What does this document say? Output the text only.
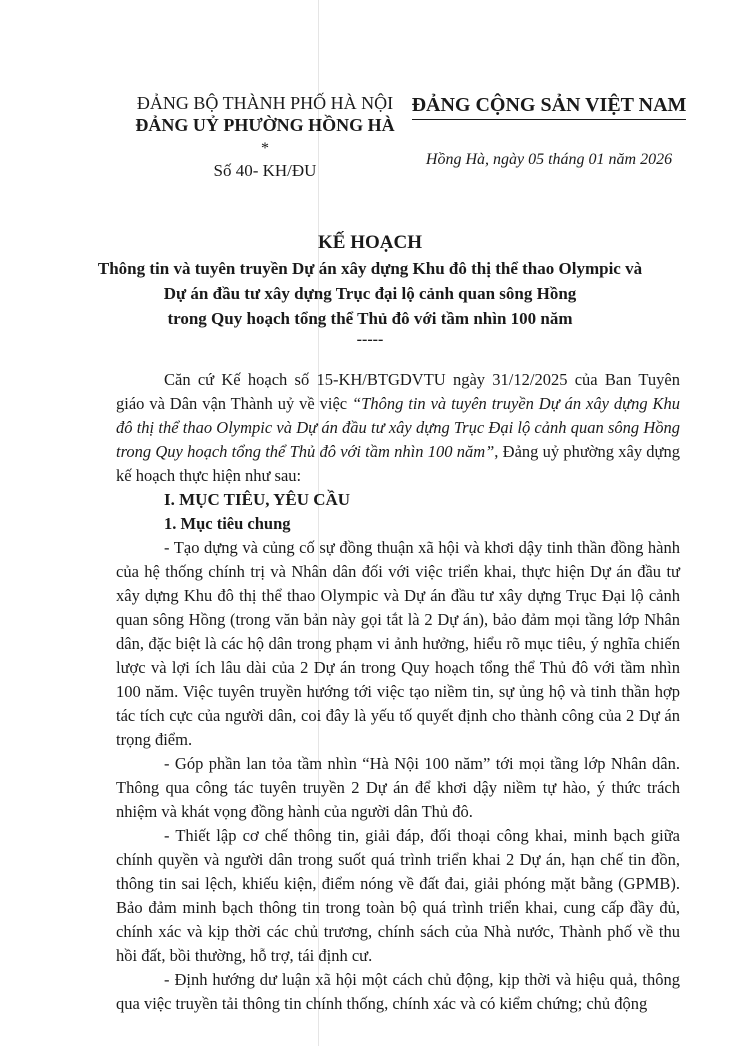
ĐẢNG BỘ THÀNH PHỐ HÀ NỘI
ĐẢNG UỶ PHƯỜNG HỒNG HÀ
*
Số 40- KH/ĐU
ĐẢNG CỘNG SẢN VIỆT NAM
Hồng Hà, ngày 05 tháng 01 năm 2026
KẾ HOẠCH
Thông tin và tuyên truyền Dự án xây dựng Khu đô thị thể thao Olympic và
Dự án đầu tư xây dựng Trục đại lộ cảnh quan sông Hồng
trong Quy hoạch tổng thể Thủ đô với tầm nhìn 100 năm
-----

Căn cứ Kế hoạch số 15-KH/BTGDVTU ngày 31/12/2025 của Ban Tuyên giáo và Dân vận Thành uỷ về việc “Thông tin và tuyên truyền Dự án xây dựng Khu đô thị thể thao Olympic và Dự án đầu tư xây dựng Trục Đại lộ cảnh quan sông Hồng trong Quy hoạch tổng thể Thủ đô với tầm nhìn 100 năm”, Đảng uỷ phường xây dựng kế hoạch thực hiện như sau:

I. MỤC TIÊU, YÊU CẦU
1. Mục tiêu chung

- Tạo dựng và củng cố sự đồng thuận xã hội và khơi dậy tinh thần đồng hành của hệ thống chính trị và Nhân dân đối với việc triển khai, thực hiện Dự án đầu tư xây dựng Khu đô thị thể thao Olympic và Dự án đầu tư xây dựng Trục Đại lộ cảnh quan sông Hồng (trong văn bản này gọi tắt là 2 Dự án), bảo đảm mọi tầng lớp Nhân dân, đặc biệt là các hộ dân trong phạm vi ảnh hưởng, hiểu rõ mục tiêu, ý nghĩa chiến lược và lợi ích lâu dài của 2 Dự án trong Quy hoạch tổng thể Thủ đô với tầm nhìn 100 năm. Việc tuyên truyền hướng tới việc tạo niềm tin, sự ủng hộ và tinh thần hợp tác tích cực của người dân, coi đây là yếu tố quyết định cho thành công của 2 Dự án trọng điểm.

- Góp phần lan tỏa tầm nhìn “Hà Nội 100 năm” tới mọi tầng lớp Nhân dân. Thông qua công tác tuyên truyền 2 Dự án để khơi dậy niềm tự hào, ý thức trách nhiệm và khát vọng đồng hành của người dân Thủ đô.

- Thiết lập cơ chế thông tin, giải đáp, đối thoại công khai, minh bạch giữa chính quyền và người dân trong suốt quá trình triển khai 2 Dự án, hạn chế tin đồn, thông tin sai lệch, khiếu kiện, điểm nóng về đất đai, giải phóng mặt bằng (GPMB). Bảo đảm minh bạch thông tin trong toàn bộ quá trình triển khai, cung cấp đầy đủ, chính xác và kịp thời các chủ trương, chính sách của Nhà nước, Thành phố về thu hồi đất, bồi thường, hỗ trợ, tái định cư.

- Định hướng dư luận xã hội một cách chủ động, kịp thời và hiệu quả, thông qua việc truyền tải thông tin chính thống, chính xác và có kiểm chứng; chủ động
